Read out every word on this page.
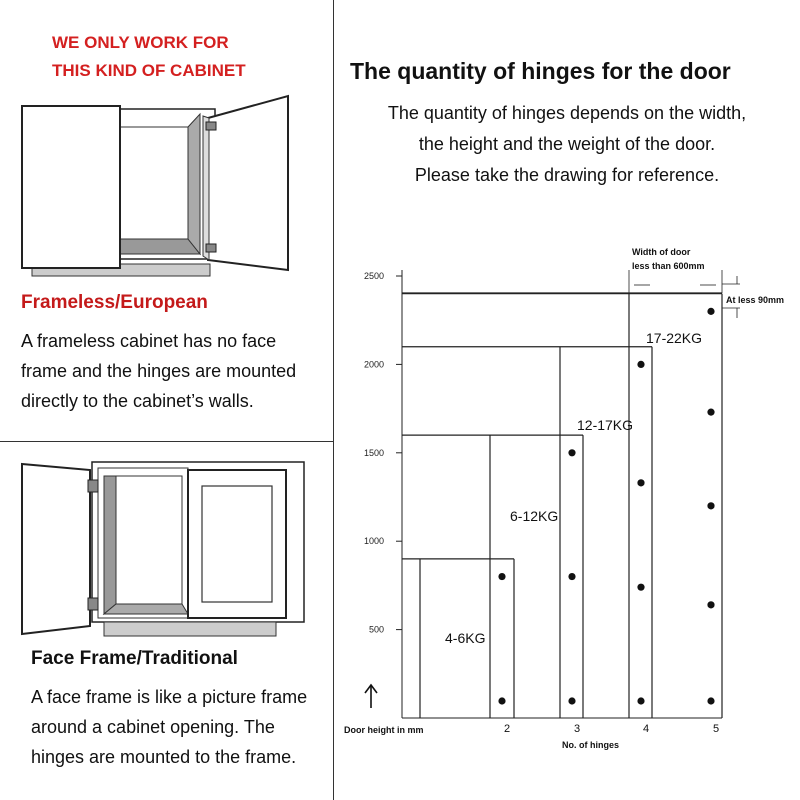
WE ONLY WORK FOR
THIS KIND OF CABINET
Frameless/European
A frameless cabinet has no face
frame and the hinges are mounted
directly to the cabinet’s walls.
Face Frame/Traditional
A face frame is like a picture frame
around a cabinet opening. The
hinges are mounted to the frame.
The quantity of hinges for the door
The quantity of hinges depends on the width,
the height and the weight of the door.
Please take the drawing for reference.
500
1000
1500
2000
2500
4-6KG
6-12KG
12-17KG
17-22KG
At less 90mm
Width of door
less than 600mm
2	3	4	5
Door height in mm
No. of hinges
